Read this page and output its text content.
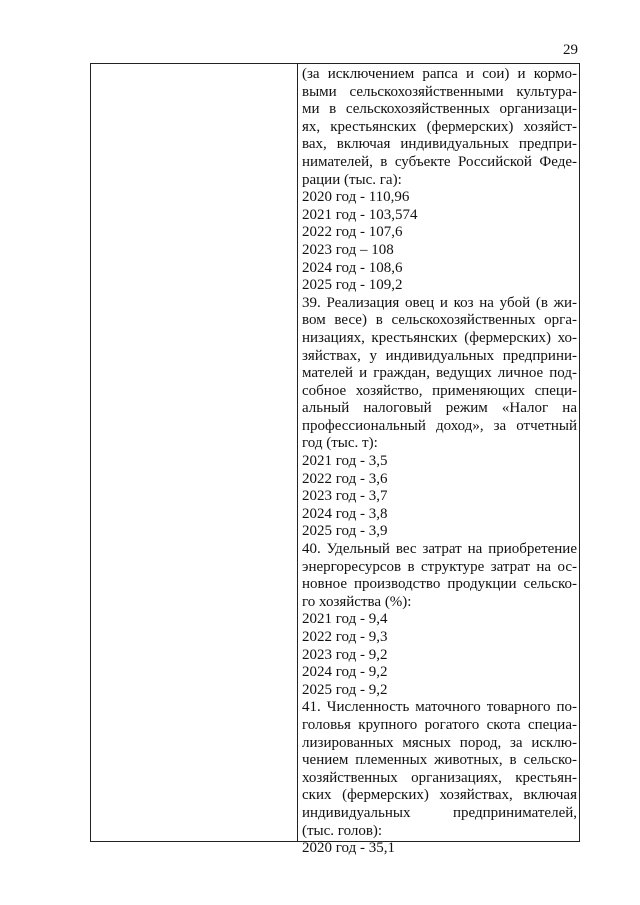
29
(за исключением рапса и сои) и кормо-
выми сельскохозяйственными культура-
ми в сельскохозяйственных организаци-
ях, крестьянских (фермерских) хозяйст-
вах, включая индивидуальных предпри-
нимателей, в субъекте Российской Феде-
рации (тыс. га):
2020 год - 110,96
2021 год - 103,574
2022 год - 107,6
2023 год – 108
2024 год - 108,6
2025 год - 109,2
39. Реализация овец и коз на убой (в жи-
вом весе) в сельскохозяйственных орга-
низациях, крестьянских (фермерских) хо-
зяйствах, у индивидуальных предприни-
мателей и граждан, ведущих личное под-
собное хозяйство, применяющих специ-
альный налоговый режим «Налог на
профессиональный доход», за отчетный
год (тыс. т):
2021 год - 3,5
2022 год - 3,6
2023 год - 3,7
2024 год - 3,8
2025 год - 3,9
40. Удельный вес затрат на приобретение
энергоресурсов в структуре затрат на ос-
новное производство продукции сельско-
го хозяйства (%):
2021 год - 9,4
2022 год - 9,3
2023 год - 9,2
2024 год - 9,2
2025 год - 9,2
41. Численность маточного товарного по-
головья крупного рогатого скота специа-
лизированных мясных пород, за исклю-
чением племенных животных, в сельско-
хозяйственных организациях, крестьян-
ских (фермерских) хозяйствах, включая
индивидуальных предпринимателей,
(тыс. голов):
2020 год - 35,1
